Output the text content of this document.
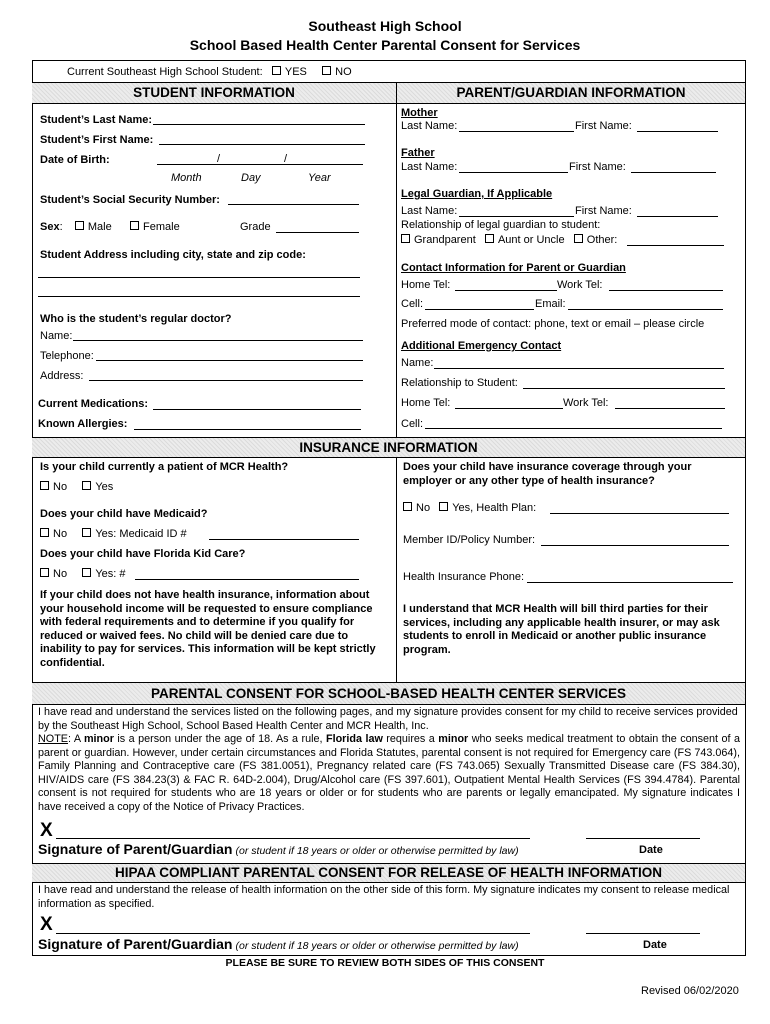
Southeast High School
School Based Health Center Parental Consent for Services
Current Southeast High School Student: YES	NO
STUDENT INFORMATION	PARENT/GUARDIAN INFORMATION
Student’s Last Name:
Student’s First Name:
Date of Birth:	/	/
Month	Day	Year
Student’s Social Security Number:
Sex:    Male	Female	Grade
Student Address including city, state and zip code:
Who is the student’s regular doctor?
Name:
Telephone:
Address:
Current Medications:
Known Allergies:
Mother
Last Name:	First Name:
Father
Last Name:	First Name:
Legal Guardian, If Applicable
Last Name:	First Name:
Relationship of legal guardian to student:
Grandparent Aunt or Uncle Other:
Contact Information for Parent or Guardian
Home Tel:	Work Tel:
Cell:	Email:
Preferred mode of contact: phone, text or email – please circle
Additional Emergency Contact
Name:
Relationship to Student:
Home Tel:	Work Tel:
Cell:
INSURANCE INFORMATION
Is your child currently a patient of MCR Health?
No	Yes
Does your child have Medicaid?
No	Yes: Medicaid ID #
Does your child have Florida Kid Care?
No	Yes: #
If your child does not have health insurance, information about your household income will be requested to ensure compliance with federal requirements and to determine if you qualify for reduced or waived fees. No child will be denied care due to inability to pay for services. This information will be kept strictly confidential.
Does your child have insurance coverage through your employer or any other type of health insurance?
No Yes, Health Plan:
Member ID/Policy Number:
Health Insurance Phone:
I understand that MCR Health will bill third parties for their services, including any applicable health insurer, or may ask students to enroll in Medicaid or another public insurance program.
PARENTAL CONSENT FOR SCHOOL-BASED HEALTH CENTER SERVICES
I have read and understand the services listed on the following pages, and my signature provides consent for my child to receive services provided by the Southeast High School, School Based Health Center and MCR Health, Inc.
NOTE: A minor is a person under the age of 18. As a rule, Florida law requires a minor who seeks medical treatment to obtain the consent of a parent or guardian. However, under certain circumstances and Florida Statutes, parental consent is not required for Emergency care (FS 743.064), Family Planning and Contraceptive care (FS 381.0051), Pregnancy related care (FS 743.065) Sexually Transmitted Disease care (FS 384.30), HIV/AIDS care (FS 384.23(3) & FAC R. 64D-2.004), Drug/Alcohol care (FS 397.601), Outpatient Mental Health Services (FS 394.4784). Parental consent is not required for students who are 18 years or older or for students who are parents or legally emancipated. My signature indicates I have received a copy of the Notice of Privacy Practices.
X
Signature of Parent/Guardian (or student if 18 years or older or otherwise permitted by law)	Date
HIPAA COMPLIANT PARENTAL CONSENT FOR RELEASE OF HEALTH INFORMATION
I have read and understand the release of health information on the other side of this form. My signature indicates my consent to release medical information as specified.
X
Signature of Parent/Guardian (or student if 18 years or older or otherwise permitted by law)	Date
PLEASE BE SURE TO REVIEW BOTH SIDES OF THIS CONSENT
Revised 06/02/2020
